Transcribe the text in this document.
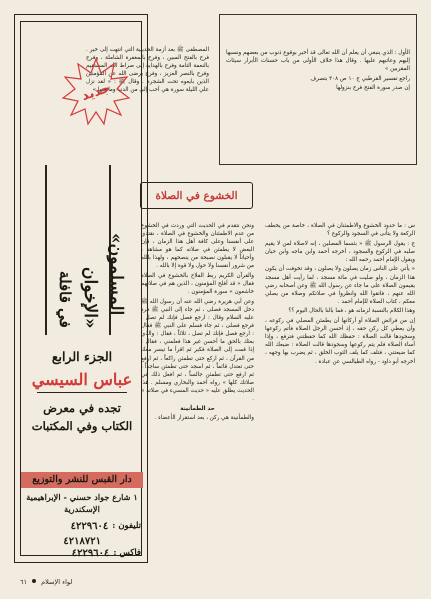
الأول : الذي ينبغي أن يعلم أن الله تعالى قد أخبر بوقوع ذنوب من بعضهم ونسبها إليهم وعاتبهم عليها . وقال هذا خلاف الأولى من باب حسنات الأبرار سيئات المقربين »

راجع تفسير القرطبي ج ١٠ ص ٣٠٨ بتصرف

إن صدر سورة الفتح فرح بنزولها

المصطفى ﷺ بعد أزمة الحديبية التي انتهت إلى خير . فرح بالفتح المبين ، وفرح بالمغفرة الشاملة ، وفرح بالنعمة التامة وفرح بالهداية إلى صراط الله المستقيم وفرح بالنصر العزيز ، وفرح برضى الله عن المؤمنين الذين بايعوه تحت الشجرة . وقال ﷺ : « لقد نزل علي الليلة سورة هي أحب إلي من الدنيا وما فيها »

الخشوع في الصلاة

س : ما حدود الخشوع والاطمئنان في الصلاة ، خاصة من يخطف الركعة ولا يتأنى في السجود والركوع ؟

ج : يقول الرسول ﷺ « بئسما المصلين ، إنه لاصلاة لمن لا يقيم صلبه في الركوع والسجود ، أخرجه أحمد وابن ماجه وابن حبان ويقول الإمام أحمد رحمه الله :

« يأتي على الناس زمان يصلون ولا يصلون ، وقد تخوفت أن يكون هذا الزمان ، ولو صليت في مائة مسجد ، لما رأيت أهل مسجد يقيمون الصلاة على ما جاء عن رسول الله ﷺ وعن أصحابه رضي الله عنهم ، فاتقوا الله وانظروا في صلاتكم وصلاة من يصلي معكم ، كتاب الصلاة للإمام أحمد .

وهذا الكلام بالنسبة لزمانه هو ، فما بالنا بالحال اليوم ؟؟

إن من فرائض الصلاة أو أركانها أن يطمئن المصلي في ركوعه ، وأن يعطي كل ركن حقه ، إذ أحسن الرجل الصلاة فأتم ركوعها وسجودها قالت الصلاة : حفظك الله كما حفظتني فترفع ، وإذا أساء الصلاة فلم يتم ركوعها وسجودها قالت الصلاة : ضيعك الله كما ضيعتني ، فتلف كما يلف الثوب الخلق ، ثم يضرب بها وجهه ، أخرجه أبو داود - رواه الطيالسي عن عبادة .

ونحن نتقدم في الحديث التي وردت في الخشوع من عدم الاطمئنان والخشوع في الصلاة ، نقتدي على أنفسنا وعلى كافة أهل هذا الزمان ، فإن البعض لا يطمئن في صلاته كما هو مشاهد ، وأحياناً لا يقبلون نصيحة من ينصحهم ، ولهذا بالله من شرور أنفسنا ولا حول ولا قوة إلا بالله .

والقرآن الكريم ربط الفلاح بالخشوع في الصلاة فقال « قد أفلح المؤمنون ، الذين هم في صلاتهم خاشعون » سورة المؤمنون .

وعن أبي هريرة رضي الله عنه أن رسول الله ﷺ دخل المسجد فصلى ، ثم جاء إلى النبي ﷺ فرد عليه السلام وقال : ارجع فصل فإنك لم تصل . فرجع فصلى ، ثم جاء فسلم على النبي ﷺ فقال : ارجع فصل فإنك لم تصل ، ثلاثاً ، فقال : والذي بعثك بالحق ما أحسن غير هذا فعلمني ، فقال : إذا قمت إلى الصلاة فكبر ثم اقرأ ما تيسر معك من القرآن ، ثم اركع حتى تطمئن راكعاً ، ثم ارفع حتى تعتدل قائماً ، ثم اسجد حتى تطمئن ساجداً ، ثم ارفع حتى تطمئن جالساً ، ثم افعل ذلك في صلاتك كلها » رواه أحمد والبخاري ومسلم . هذا الحديث يطلق عليه « حديث المسيء في صلاته » .

حد الطمأنينة

والطمأنينة هي ركن ، بعد استقرار الأعضاء .

جديد
في قافلة «الإخوان المسلمون»
الجزء الرابع
عباس السيسي
تجده في معرض
الكتاب وفي المكتبات
دار القبس للنشر والتوزيع
١ شارع جواد حسني - الإبراهيمية
الإسكندرية
تليفون :
٤٢٢٩٦٠٤
٤٢١٨٧٢١
فاكس :
٤٢٢٩٦٠٤
لواء الإسلام  ٦١
